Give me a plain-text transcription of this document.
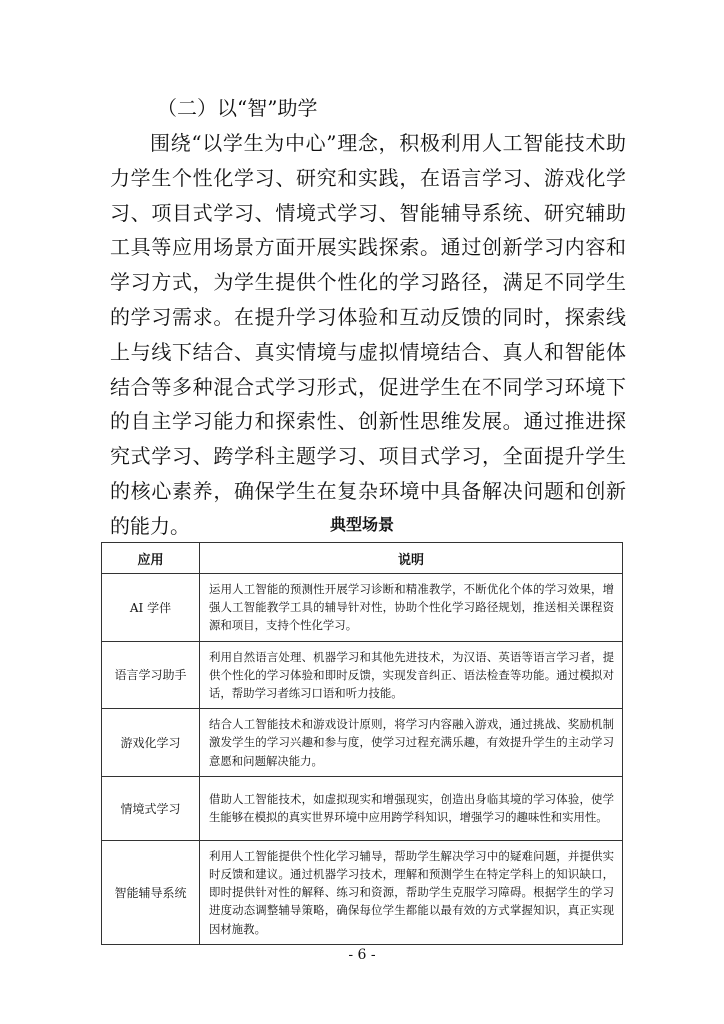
（二）以“智”助学

围绕“以学生为中心”理念，积极利用人工智能技术助力学生个性化学习、研究和实践，在语言学习、游戏化学习、项目式学习、情境式学习、智能辅导系统、研究辅助工具等应用场景方面开展实践探索。通过创新学习内容和学习方式，为学生提供个性化的学习路径，满足不同学生的学习需求。在提升学习体验和互动反馈的同时，探索线上与线下结合、真实情境与虚拟情境结合、真人和智能体结合等多种混合式学习形式，促进学生在不同学习环境下的自主学习能力和探索性、创新性思维发展。通过推进探究式学习、跨学科主题学习、项目式学习，全面提升学生的核心素养，确保学生在复杂环境中具备解决问题和创新的能力。	典型场景
应用	说明
AI 学伴	运用人工智能的预测性开展学习诊断和精准教学，不断优化个体的学习效果，增强人工智能教学工具的辅导针对性，协助个性化学习路径规划，推送相关课程资源和项目，支持个性化学习。
语言学习助手	利用自然语言处理、机器学习和其他先进技术，为汉语、英语等语言学习者，提供个性化的学习体验和即时反馈，实现发音纠正、语法检查等功能。通过模拟对话，帮助学习者练习口语和听力技能。
游戏化学习	结合人工智能技术和游戏设计原则，将学习内容融入游戏，通过挑战、奖励机制激发学生的学习兴趣和参与度，使学习过程充满乐趣，有效提升学生的主动学习意愿和问题解决能力。
情境式学习	借助人工智能技术，如虚拟现实和增强现实，创造出身临其境的学习体验，使学生能够在模拟的真实世界环境中应用跨学科知识，增强学习的趣味性和实用性。
智能辅导系统	利用人工智能提供个性化学习辅导，帮助学生解决学习中的疑难问题，并提供实时反馈和建议。通过机器学习技术，理解和预测学生在特定学科上的知识缺口，即时提供针对性的解释、练习和资源，帮助学生克服学习障碍。根据学生的学习进度动态调整辅导策略，确保每位学生都能以最有效的方式掌握知识，真正实现因材施教。
- 6 -
